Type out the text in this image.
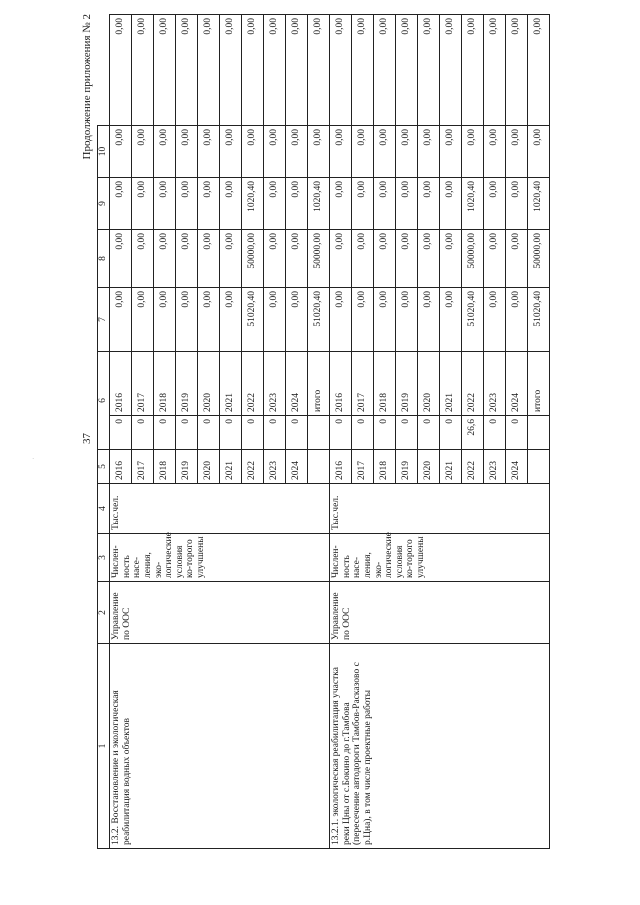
37
Продолжение приложения № 2
1	2	3	4	5	6		7	8	9	10	
13.2. Восстановление и экологическая реабилитация водных объектов	Управление по ООС	Числен-ность насе-ления, эко-логические условия ко-торого улучшены	Тыс.чел.	2016	0	2016	0,00	0,00	0,00	0,00	0,00
				2017	0	2017	0,00	0,00	0,00	0,00	0,00
				2018	0	2018	0,00	0,00	0,00	0,00	0,00
				2019	0	2019	0,00	0,00	0,00	0,00	0,00
				2020	0	2020	0,00	0,00	0,00	0,00	0,00
				2021	0	2021	0,00	0,00	0,00	0,00	0,00
				2022	0	2022	51020,40	50000,00	1020,40	0,00	0,00
				2023	0	2023	0,00	0,00	0,00	0,00	0,00
				2024	0	2024	0,00	0,00	0,00	0,00	0,00
						итого	51020,40	50000,00	1020,40	0,00	0,00
13.2.1. экологическая реабилитация участка реки Цны от с.Бокино до г.Тамбова (пересечение автодороги Тамбов-Расказово с р.Цна), в том числе проектные работы	Управление по ООС	Числен-ность насе-ления, эко-логические условия ко-торого улучшены	Тыс.чел.	2016	0	2016	0,00	0,00	0,00	0,00	0,00
				2017	0	2017	0,00	0,00	0,00	0,00	0,00
				2018	0	2018	0,00	0,00	0,00	0,00	0,00
				2019	0	2019	0,00	0,00	0,00	0,00	0,00
				2020	0	2020	0,00	0,00	0,00	0,00	0,00
				2021	0	2021	0,00	0,00	0,00	0,00	0,00
				2022	26,6	2022	51020,40	50000,00	1020,40	0,00	0,00
				2023	0	2023	0,00	0,00	0,00	0,00	0,00
				2024	0	2024	0,00	0,00	0,00	0,00	0,00
						итого	51020,40	50000,00	1020,40	0,00	0,00
·
